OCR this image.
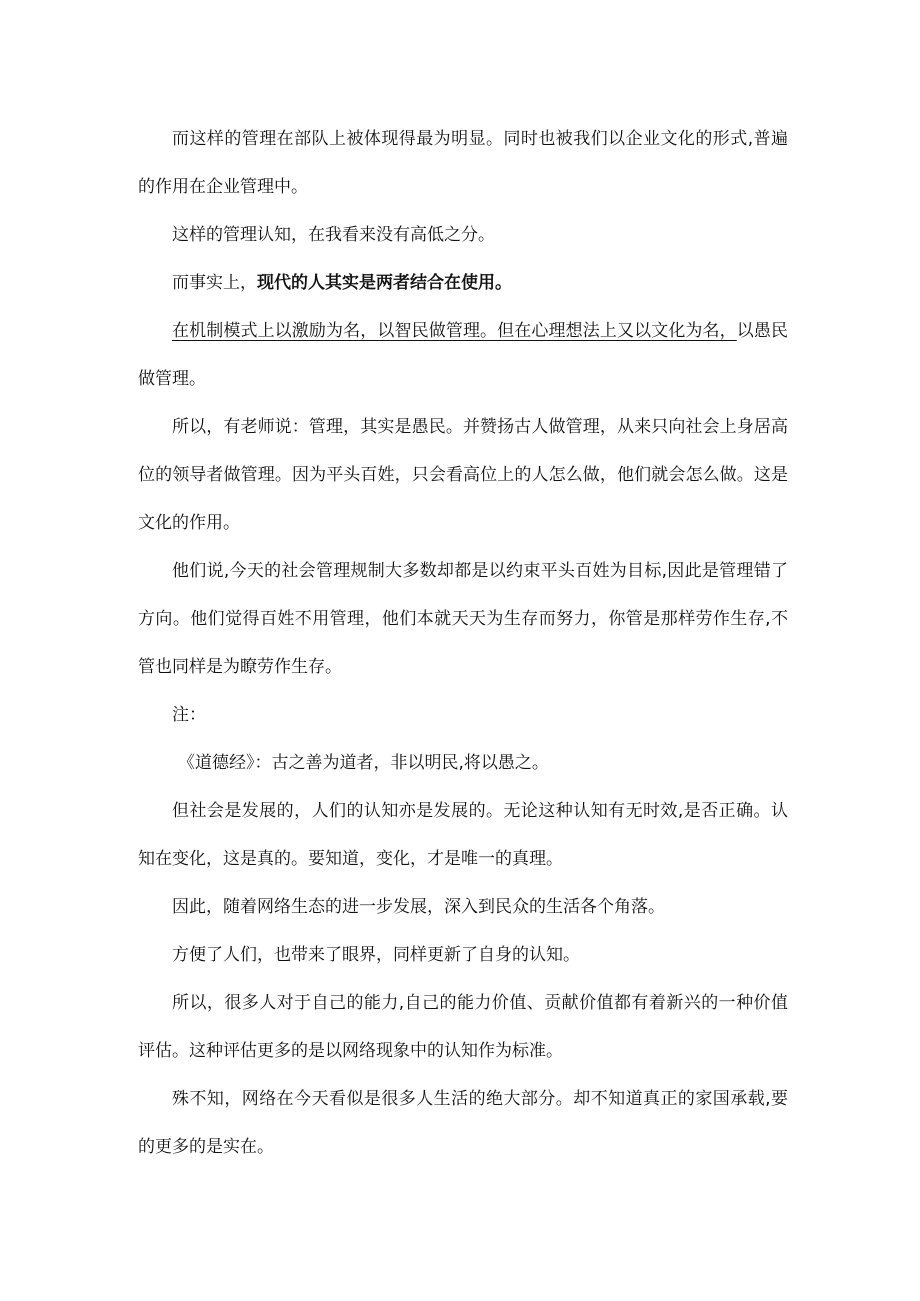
而这样的管理在部队上被体现得最为明显。同时也被我们以企业文化的形式,普遍的作用在企业管理中。

这样的管理认知，在我看来没有高低之分。

而事实上，现代的人其实是两者结合在使用。

在机制模式上以激励为名，以智民做管理。但在心理想法上又以文化为名，以愚民做管理。

所以，有老师说：管理，其实是愚民。并赞扬古人做管理，从来只向社会上身居高位的领导者做管理。因为平头百姓，只会看高位上的人怎么做，他们就会怎么做。这是文化的作用。

他们说,今天的社会管理规制大多数却都是以约束平头百姓为目标,因此是管理错了方向。他们觉得百姓不用管理，他们本就天天为生存而努力，你管是那样劳作生存,不管也同样是为瞭劳作生存。

注：

《道德经》：古之善为道者，非以明民,将以愚之。

但社会是发展的，人们的认知亦是发展的。无论这种认知有无时效,是否正确。认知在变化，这是真的。要知道，变化，才是唯一的真理。

因此，随着网络生态的进一步发展，深入到民众的生活各个角落。

方便了人们，也带来了眼界，同样更新了自身的认知。

所以，很多人对于自己的能力,自己的能力价值、贡献价值都有着新兴的一种价值评估。这种评估更多的是以网络现象中的认知作为标准。

殊不知，网络在今天看似是很多人生活的绝大部分。却不知道真正的家国承载,要的更多的是实在。
